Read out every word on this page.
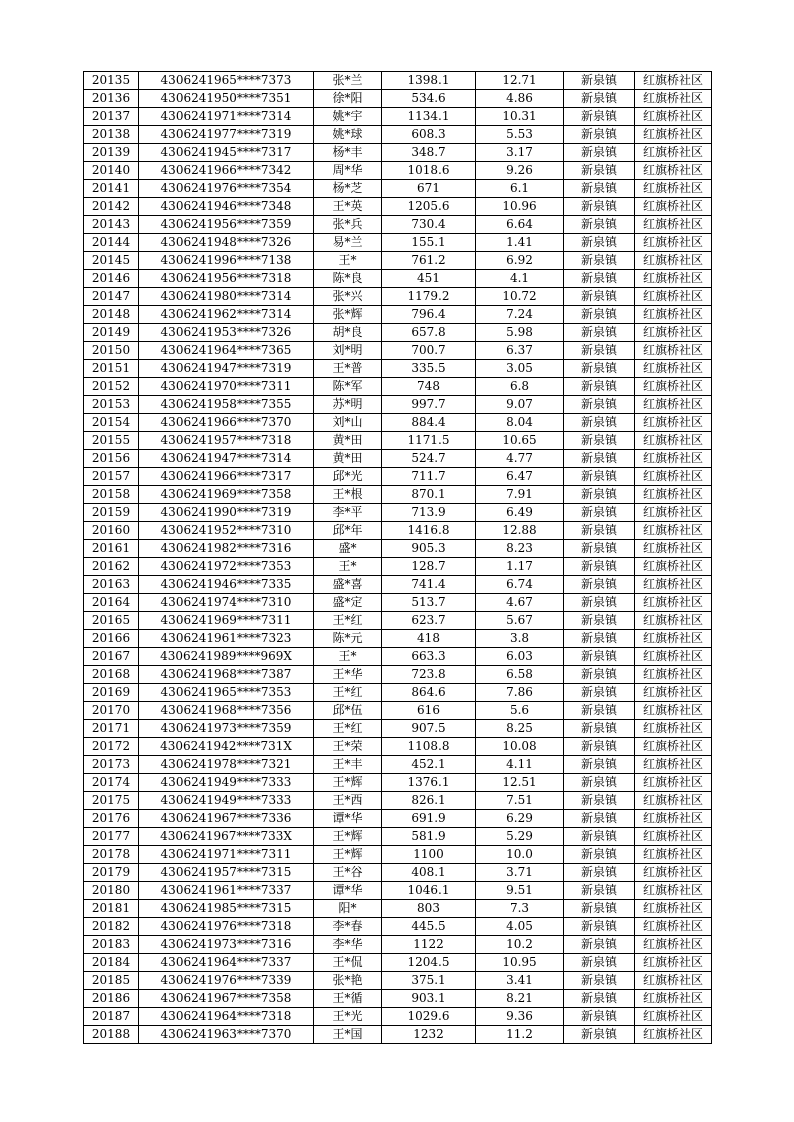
20135	4306241965****7373	张*兰	1398.1	12.71	新泉镇	红旗桥社区
20136	4306241950****7351	徐*阳	534.6	4.86	新泉镇	红旗桥社区
20137	4306241971****7314	姚*宇	1134.1	10.31	新泉镇	红旗桥社区
20138	4306241977****7319	姚*球	608.3	5.53	新泉镇	红旗桥社区
20139	4306241945****7317	杨*丰	348.7	3.17	新泉镇	红旗桥社区
20140	4306241966****7342	周*华	1018.6	9.26	新泉镇	红旗桥社区
20141	4306241976****7354	杨*芝	671	6.1	新泉镇	红旗桥社区
20142	4306241946****7348	王*英	1205.6	10.96	新泉镇	红旗桥社区
20143	4306241956****7359	张*兵	730.4	6.64	新泉镇	红旗桥社区
20144	4306241948****7326	易*兰	155.1	1.41	新泉镇	红旗桥社区
20145	4306241996****7138	王*	761.2	6.92	新泉镇	红旗桥社区
20146	4306241956****7318	陈*良	451	4.1	新泉镇	红旗桥社区
20147	4306241980****7314	张*兴	1179.2	10.72	新泉镇	红旗桥社区
20148	4306241962****7314	张*辉	796.4	7.24	新泉镇	红旗桥社区
20149	4306241953****7326	胡*良	657.8	5.98	新泉镇	红旗桥社区
20150	4306241964****7365	刘*明	700.7	6.37	新泉镇	红旗桥社区
20151	4306241947****7319	王*普	335.5	3.05	新泉镇	红旗桥社区
20152	4306241970****7311	陈*军	748	6.8	新泉镇	红旗桥社区
20153	4306241958****7355	苏*明	997.7	9.07	新泉镇	红旗桥社区
20154	4306241966****7370	刘*山	884.4	8.04	新泉镇	红旗桥社区
20155	4306241957****7318	黄*田	1171.5	10.65	新泉镇	红旗桥社区
20156	4306241947****7314	黄*田	524.7	4.77	新泉镇	红旗桥社区
20157	4306241966****7317	邱*光	711.7	6.47	新泉镇	红旗桥社区
20158	4306241969****7358	王*根	870.1	7.91	新泉镇	红旗桥社区
20159	4306241990****7319	李*平	713.9	6.49	新泉镇	红旗桥社区
20160	4306241952****7310	邱*年	1416.8	12.88	新泉镇	红旗桥社区
20161	4306241982****7316	盛*	905.3	8.23	新泉镇	红旗桥社区
20162	4306241972****7353	王*	128.7	1.17	新泉镇	红旗桥社区
20163	4306241946****7335	盛*喜	741.4	6.74	新泉镇	红旗桥社区
20164	4306241974****7310	盛*定	513.7	4.67	新泉镇	红旗桥社区
20165	4306241969****7311	王*红	623.7	5.67	新泉镇	红旗桥社区
20166	4306241961****7323	陈*元	418	3.8	新泉镇	红旗桥社区
20167	4306241989****969X	王*	663.3	6.03	新泉镇	红旗桥社区
20168	4306241968****7387	王*华	723.8	6.58	新泉镇	红旗桥社区
20169	4306241965****7353	王*红	864.6	7.86	新泉镇	红旗桥社区
20170	4306241968****7356	邱*伍	616	5.6	新泉镇	红旗桥社区
20171	4306241973****7359	王*红	907.5	8.25	新泉镇	红旗桥社区
20172	4306241942****731X	王*荣	1108.8	10.08	新泉镇	红旗桥社区
20173	4306241978****7321	王*丰	452.1	4.11	新泉镇	红旗桥社区
20174	4306241949****7333	王*辉	1376.1	12.51	新泉镇	红旗桥社区
20175	4306241949****7333	王*西	826.1	7.51	新泉镇	红旗桥社区
20176	4306241967****7336	谭*华	691.9	6.29	新泉镇	红旗桥社区
20177	4306241967****733X	王*辉	581.9	5.29	新泉镇	红旗桥社区
20178	4306241971****7311	王*辉	1100	10.0	新泉镇	红旗桥社区
20179	4306241957****7315	王*谷	408.1	3.71	新泉镇	红旗桥社区
20180	4306241961****7337	谭*华	1046.1	9.51	新泉镇	红旗桥社区
20181	4306241985****7315	阳*	803	7.3	新泉镇	红旗桥社区
20182	4306241976****7318	李*春	445.5	4.05	新泉镇	红旗桥社区
20183	4306241973****7316	李*华	1122	10.2	新泉镇	红旗桥社区
20184	4306241964****7337	王*侃	1204.5	10.95	新泉镇	红旗桥社区
20185	4306241976****7339	张*艳	375.1	3.41	新泉镇	红旗桥社区
20186	4306241967****7358	王*循	903.1	8.21	新泉镇	红旗桥社区
20187	4306241964****7318	王*光	1029.6	9.36	新泉镇	红旗桥社区
20188	4306241963****7370	王*国	1232	11.2	新泉镇	红旗桥社区
